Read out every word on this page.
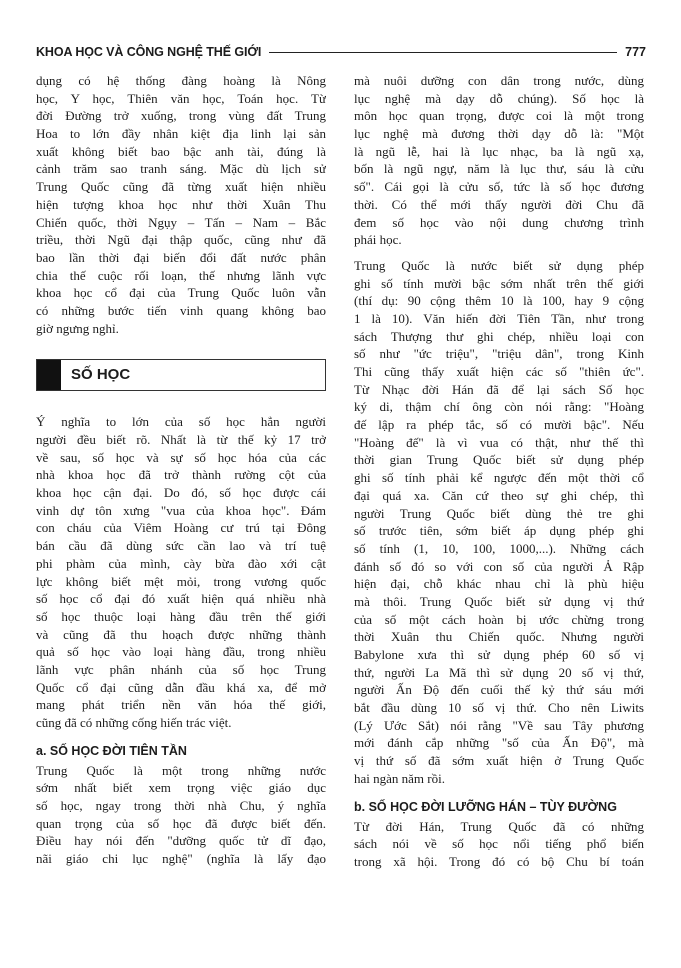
KHOA HỌC VÀ CÔNG NGHỆ THẾ GIỚI	777
dụng có hệ thống đàng hoàng là Nông
học, Y học, Thiên văn học, Toán học. Từ
đời Đường trở xuống, trong vùng đất Trung
Hoa to lớn đầy nhân kiệt địa linh lại sản
xuất không biết bao bậc anh tài, đúng là
cảnh trăm sao tranh sáng. Mặc dù lịch sử
Trung Quốc cũng đã từng xuất hiện nhiều
hiện tượng khoa học như thời Xuân Thu
Chiến quốc, thời Ngụy – Tấn – Nam – Bắc
triều, thời Ngũ đại thập quốc, cũng như đã
bao lần thời đại biến đổi đất nước phân
chia thế cuộc rối loạn, thế nhưng lãnh vực
khoa học cổ đại của Trung Quốc luôn vẫn
có những bước tiến vinh quang không bao
giờ ngưng nghỉ.
SỐ HỌC
Ý nghĩa to lớn của số học hẳn người
người đều biết rõ. Nhất là từ thế kỷ 17 trở
về sau, số học và sự số học hóa của các
nhà khoa học đã trở thành rường cột của
khoa học cận đại. Do đó, số học được cái
vinh dự tôn xưng "vua của khoa học". Đám
con cháu của Viêm Hoàng cư trú tại Đông
bán cầu đã dùng sức cần lao và trí tuệ
phi phàm của mình, cày bừa đào xới cật
lực không biết mệt mỏi, trong vương quốc
số học cổ đại đó xuất hiện quá nhiều nhà
số học thuộc loại hàng đầu trên thế giới
và cũng đã thu hoạch được những thành
quả số học vào loại hàng đầu, trong nhiều
lãnh vực phân nhánh của số học Trung
Quốc cổ đại cũng dẫn đầu khá xa, để mở
mang phát triển nền văn hóa thế giới,
cũng đã có những cống hiến trác việt.
a. SỐ HỌC ĐỜI TIÊN TẦN
Trung Quốc là một trong những nước
sớm nhất biết xem trọng việc giáo dục
số học, ngay trong thời nhà Chu, ý nghĩa
quan trọng của số học đã được biết đến.
Điều hay nói đến "dưỡng quốc tử dĩ đạo,
nãi giáo chi lục nghệ" (nghĩa là lấy đạo
mà nuôi dưỡng con dân trong nước, dùng
lục nghệ mà dạy dỗ chúng). Số học là
môn học quan trọng, được coi là một trong
lục nghệ mà đương thời dạy dỗ là: "Một
là ngũ lễ, hai là lục nhạc, ba là ngũ xạ,
bốn là ngũ ngự, năm là lục thư, sáu là cửu
số". Cái gọi là cửu số, tức là số học đương
thời. Có thể mới thấy người đời Chu đã
đem số học vào nội dung chương trình
phái học.
Trung Quốc là nước biết sử dụng phép
ghi số tính mười bậc sớm nhất trên thế giới
(thí dụ: 90 cộng thêm 10 là 100, hay 9 cộng
1 là 10). Văn hiến đời Tiên Tần, như trong
sách Thượng thư ghi chép, nhiều loại con
số như "ức triệu", "triệu dân", trong Kinh
Thi cũng thấy xuất hiện các số "thiên ức".
Từ Nhạc đời Hán đã để lại sách Số học
ký di, thậm chí ông còn nói rằng: "Hoàng
đế lập ra phép tắc, số có mười bậc". Nếu
"Hoàng đế" là vì vua có thật, như thế thì
thời gian Trung Quốc biết sử dụng phép
ghi số tính phải kể ngược đến một thời cổ
đại quá xa. Căn cứ theo sự ghi chép, thì
người Trung Quốc biết dùng thẻ tre ghi
số trước tiên, sớm biết áp dụng phép ghi
số tính (1, 10, 100, 1000,...). Những cách
đánh số đó so với con số của người Ả Rập
hiện đại, chỗ khác nhau chỉ là phù hiệu
mà thôi. Trung Quốc biết sử dụng vị thứ
của số một cách hoàn bị ước chừng trong
thời Xuân thu Chiến quốc. Nhưng người
Babylone xưa thì sử dụng phép 60 số vị
thứ, người La Mã thì sử dụng 20 số vị thứ,
người Ấn Độ đến cuối thế kỷ thứ sáu mới
bắt đầu dùng 10 số vị thứ. Cho nên Liwits
(Lý Ước Sắt) nói rằng "Về sau Tây phương
mới đánh cắp những "số của Ấn Độ", mà
vị thứ số đã sớm xuất hiện ở Trung Quốc
hai ngàn năm rồi.
b. SỐ HỌC ĐỜI LƯỠNG HÁN – TÙY ĐƯỜNG
Từ đời Hán, Trung Quốc đã có những
sách nói về số học nổi tiếng phổ biến
trong xã hội. Trong đó có bộ Chu bí toán
